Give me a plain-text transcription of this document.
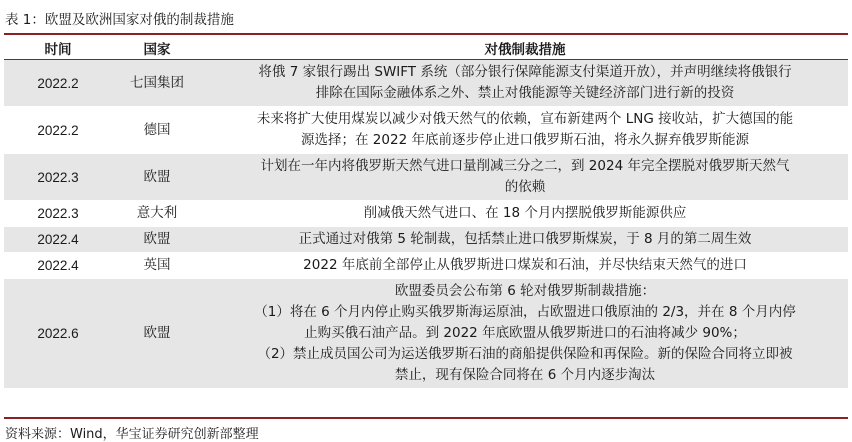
表 1：欧盟及欧洲国家对俄的制裁措施
时间	国家	对俄制裁措施
2022.2	七国集团	将俄 7 家银行踢出 SWIFT 系统（部分银行保障能源支付渠道开放），并声明继续将俄银行
排除在国际金融体系之外、禁止对俄能源等关键经济部门进行新的投资

2022.2	德国	未来将扩大使用煤炭以减少对俄天然气的依赖，宣布新建两个 LNG 接收站，扩大德国的能
源选择；在 2022 年底前逐步停止进口俄罗斯石油，将永久摒弃俄罗斯能源

2022.3	欧盟	计划在一年内将俄罗斯天然气进口量削减三分之二，到 2024 年完全摆脱对俄罗斯天然气
的依赖

2022.3	意大利	削减俄天然气进口、在 18 个月内摆脱俄罗斯能源供应

2022.4	欧盟	正式通过对俄第 5 轮制裁，包括禁止进口俄罗斯煤炭，于 8 月的第二周生效

2022.4	英国	2022 年底前全部停止从俄罗斯进口煤炭和石油，并尽快结束天然气的进口

2022.6	欧盟	欧盟委员会公布第 6 轮对俄罗斯制裁措施：
（1）将在 6 个月内停止购买俄罗斯海运原油，占欧盟进口俄原油的 2/3，并在 8 个月内停
止购买俄石油产品。到 2022 年底欧盟从俄罗斯进口的石油将减少 90%；
（2）禁止成员国公司为运送俄罗斯石油的商船提供保险和再保险。新的保险合同将立即被
禁止，现有保险合同将在 6 个月内逐步淘汰
资料来源：Wind，华宝证券研究创新部整理
